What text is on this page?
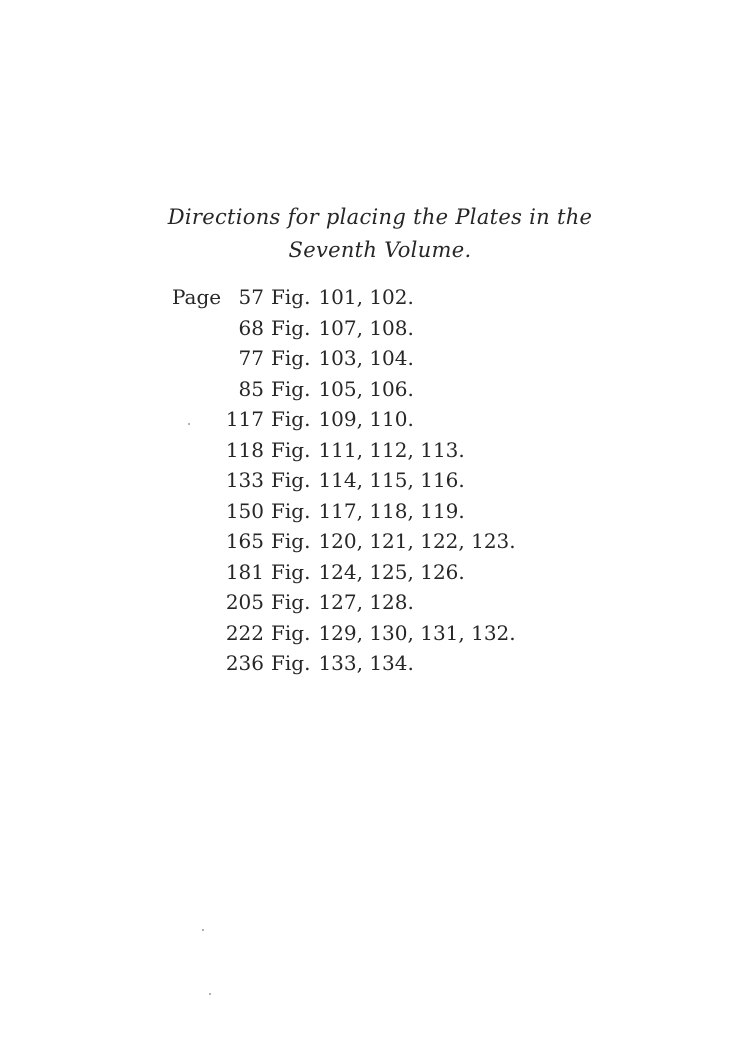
Directions for placing the Plates in the
Seventh Volume.
Page 57 Fig. 101, 102.
68 Fig. 107, 108.
77 Fig. 103, 104.
85 Fig. 105, 106.
117 Fig. 109, 110.
118 Fig. 111, 112, 113.
133 Fig. 114, 115, 116.
150 Fig. 117, 118, 119.
165 Fig. 120, 121, 122, 123.
181 Fig. 124, 125, 126.
205 Fig. 127, 128.
222 Fig. 129, 130, 131, 132.
236 Fig. 133, 134.
